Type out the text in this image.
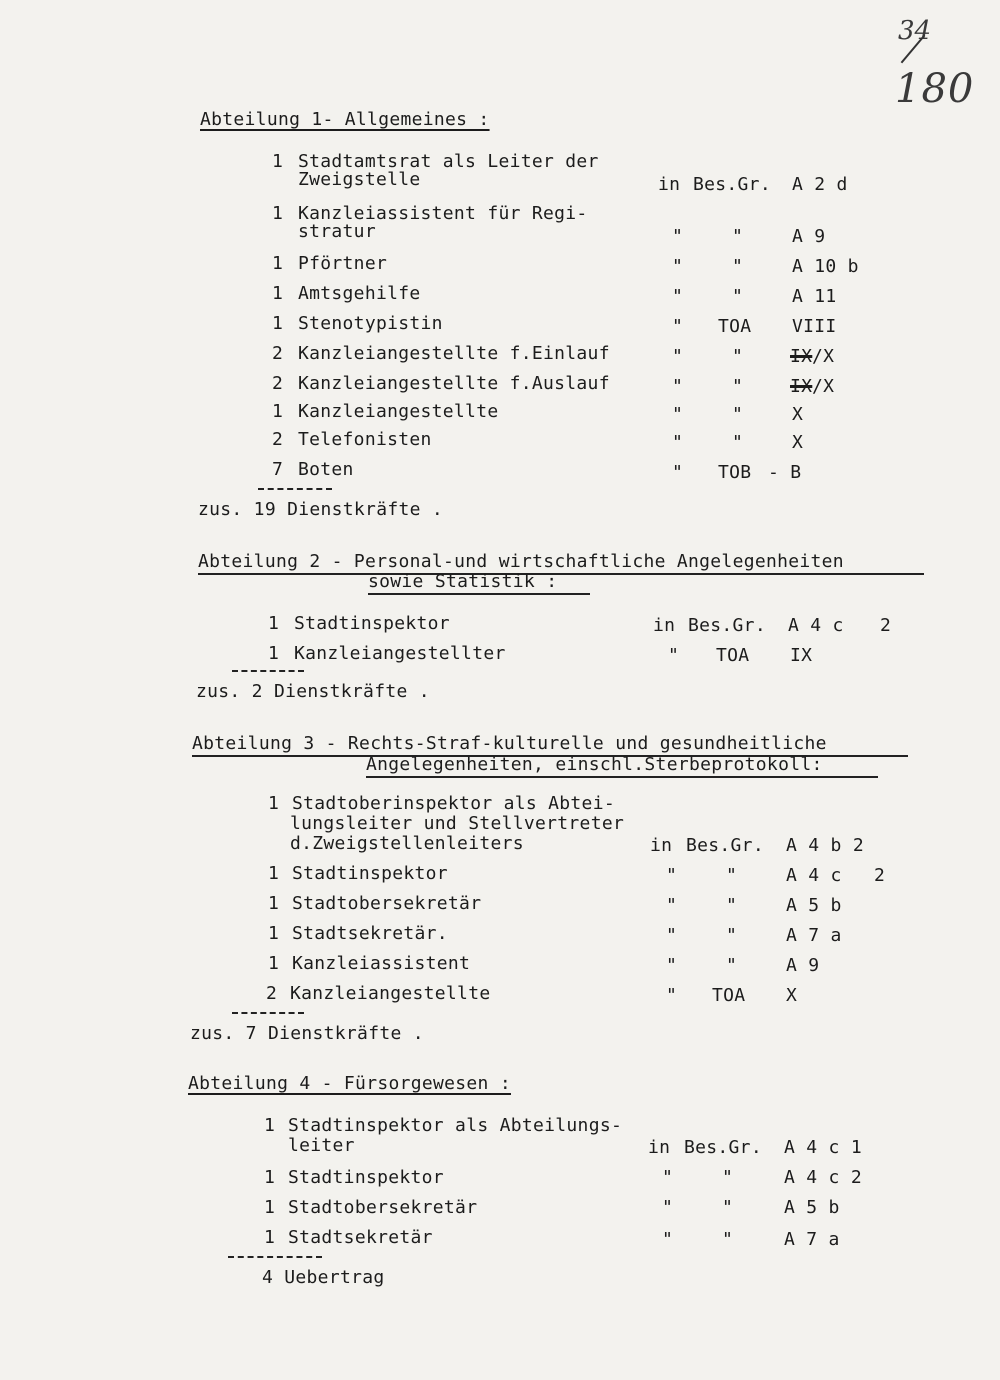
34
180
Abteilung 1- Allgemeines :
1 Stadtamtsrat als Leiter der
Zweigstelle	in Bes.Gr. A 2 d
1 Kanzleiassistent für Regi-
stratur	"	"	A 9
1 Pförtner	"	"	A 10 b
1 Amtsgehilfe	"	"	A 11
1 Stenotypistin	" TOA VIII
2 Kanzleiangestellte f.Einlauf	"	"	IX /X
2 Kanzleiangestellte f.Auslauf	"	"	IX /X
1 Kanzleiangestellte	"	"	X
2 Telefonisten	"	"	X
7 Boten	" TOB - B
zus. 19 Dienstkräfte .
Abteilung 2 - Personal-und wirtschaftliche Angelegenheiten
sowie Statistik :
1 Stadtinspektor	in Bes.Gr. A 4 c 2
1 Kanzleiangestellter	" TOA IX
zus. 2 Dienstkräfte .
Abteilung 3 - Rechts-Straf-kulturelle und gesundheitliche
Angelegenheiten, einschl.Sterbeprotokoll:
1 Stadtoberinspektor als Abtei-
lungsleiter und Stellvertreter
d.Zweigstellenleiters	in Bes.Gr. A 4 b 2
1 Stadtinspektor	"	"	A 4 c 2
1 Stadtobersekretär	"	"	A 5 b
1 Stadtsekretär.	"	"	A 7 a
1 Kanzleiassistent	"	"	A 9
2 Kanzleiangestellte	" TOA X
zus. 7 Dienstkräfte .
Abteilung 4 - Fürsorgewesen :
1 Stadtinspektor als Abteilungs-
leiter	in Bes.Gr. A 4 c 1
1 Stadtinspektor	"	"	A 4 c 2
1 Stadtobersekretär	"	"	A 5 b
1 Stadtsekretär	"	"	A 7 a
4 Uebertrag
